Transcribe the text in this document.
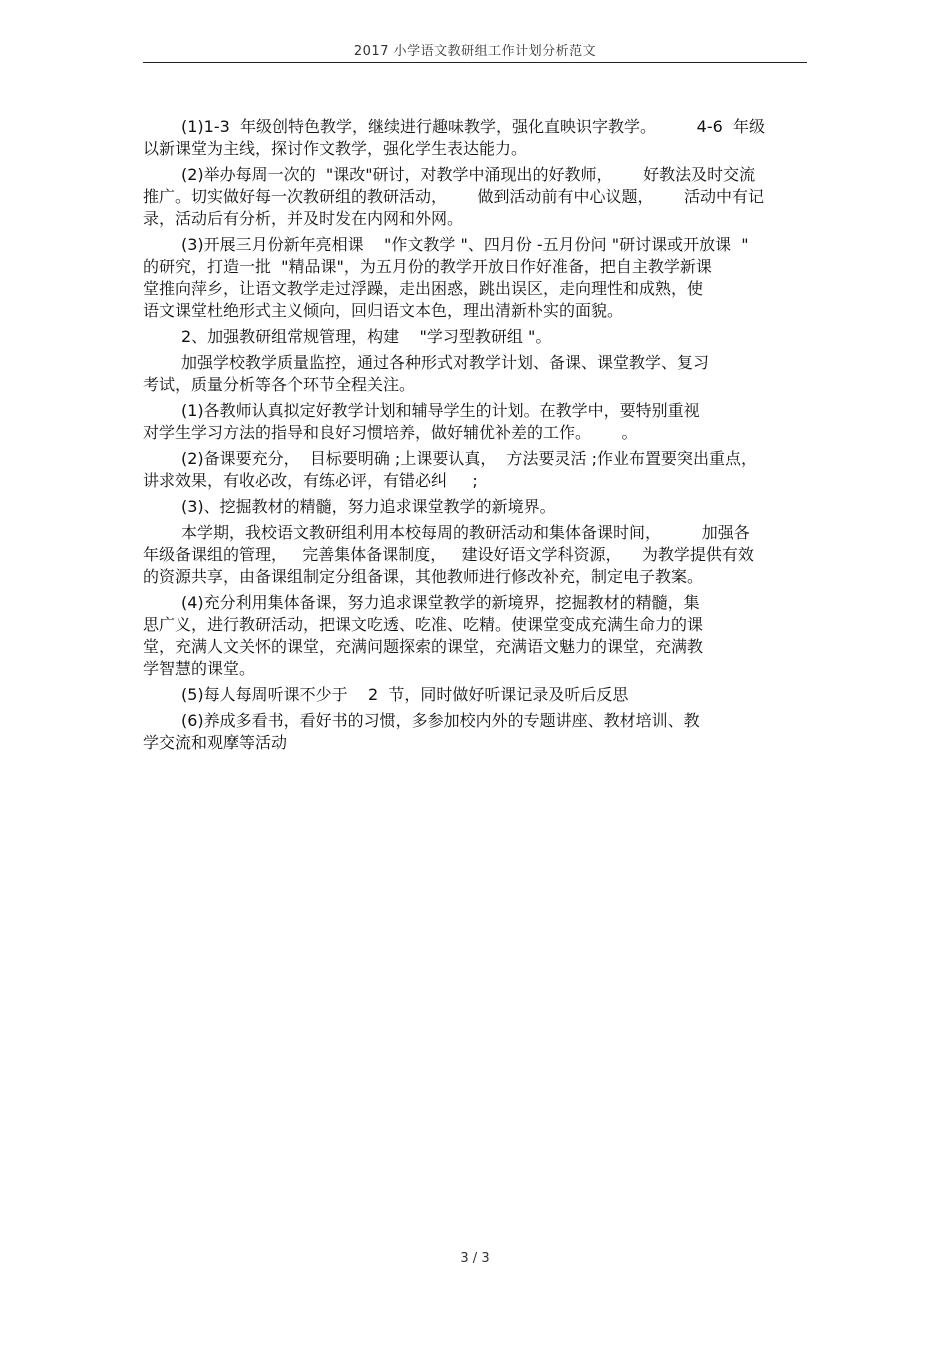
2017 小学语文教研组工作计划分析范文

(1)1-3  年级创特色教学，继续进行趣味教学，强化直映识字教学。        4-6  年级

以新课堂为主线，探讨作文教学，强化学生表达能力。

(2)举办每周一次的  "课改"研讨，对教学中涌现出的好教师，      好教法及时交流

推广。切实做好每一次教研组的教研活动，      做到活动前有中心议题，      活动中有记

录，活动后有分析，并及时发在内网和外网。

(3)开展三月份新年亮相课    "作文教学 "、四月份 -五月份问 "研讨课或开放课  "

的研究，打造一批  "精品课"，为五月份的教学开放日作好准备，把自主教学新课

堂推向萍乡，让语文教学走过浮躁，走出困惑，跳出误区，走向理性和成熟，使

语文课堂杜绝形式主义倾向，回归语文本色，理出清新朴实的面貌。

2、加强教研组常规管理，构建    "学习型教研组 "。

加强学校教学质量监控，通过各种形式对教学计划、备课、课堂教学、复习

考试，质量分析等各个环节全程关注。

(1)各教师认真拟定好教学计划和辅导学生的计划。在教学中，要特别重视

对学生学习方法的指导和良好习惯培养，做好辅优补差的工作。      。

(2)备课要充分，  目标要明确 ;上课要认真，  方法要灵活 ;作业布置要突出重点，

讲求效果，有收必改，有练必评，有错必纠     ;

(3)、挖掘教材的精髓，努力追求课堂教学的新境界。

本学期，我校语文教研组利用本校每周的教研活动和集体备课时间，        加强各

年级备课组的管理，   完善集体备课制度，   建设好语文学科资源，    为教学提供有效

的资源共享，由备课组制定分组备课，其他教师进行修改补充，制定电子教案。

(4)充分利用集体备课，努力追求课堂教学的新境界，挖掘教材的精髓，集

思广义，进行教研活动，把课文吃透、吃准、吃精。使课堂变成充满生命力的课

堂，充满人文关怀的课堂，充满问题探索的课堂，充满语文魅力的课堂，充满教

学智慧的课堂。

(5)每人每周听课不少于    2  节，同时做好听课记录及听后反思

(6)养成多看书，看好书的习惯，多参加校内外的专题讲座、教材培训、教

学交流和观摩等活动

3 / 3
